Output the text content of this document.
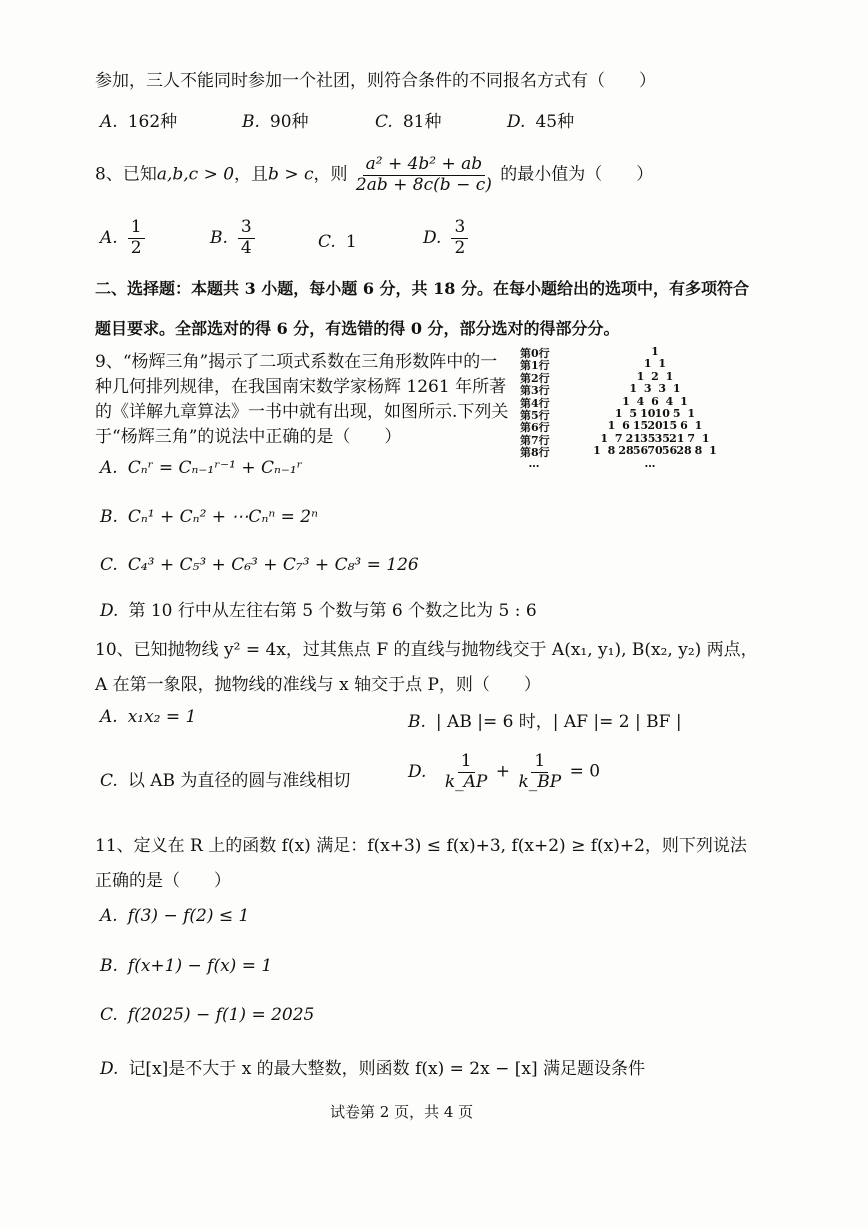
参加，三人不能同时参加一个社团，则符合条件的不同报名方式有（　　）
A. 162种	B. 90种	C. 81种	D. 45种
8、已知a,b,c > 0，且b > c，则 $\frac{\text{a² + 4b² + ab}}{2ab + 8c(b - c)}$ 的最小值为（　　）
A. $\frac{1}{2}$	B. $\frac{3}{4}$	C. 1	D. $\frac{3}{2}$
二、选择题：本题共 3 小题，每小题 6 分，共 18 分。在每小题给出的选项中，有多项符合
题目要求。全部选对的得 6 分，有选错的得 0 分，部分选对的得部分分。
9、“杨辉三角”揭示了二项式系数在三角形数阵中的一
种几何排列规律，在我国南宋数学家杨辉 1261 年所著
的《详解九章算法》一书中就有出现，如图所示.下列关
于“杨辉三角”的说法中正确的是（　　）
第0行	1
第1行	1 1
第2行	1 2 1
第3行	1 3 3 1
第4行	1 4 6 4 1
第5行	1 5 10 10 5 1
第6行	1 6 15 20 15 6 1
第7行	1 7 21 35 35 21 7 1
第8行	1 8 28 56 70 56 28 8 1
…	…
A. Cₙʳ = Cₙ₋₁ʳ⁻¹ + Cₙ₋₁ʳ
B. Cₙ¹ + Cₙ² + ⋯Cₙⁿ = 2ⁿ
C. C₄³ + C₅³ + C₆³ + C₇³ + C₈³ = 126
D. 第 10 行中从左往右第 5 个数与第 6 个数之比为 5 : 6
10、已知抛物线 y² = 4x，过其焦点 F 的直线与抛物线交于 A(x₁, y₁), B(x₂, y₂) 两点，
A 在第一象限，抛物线的准线与 x 轴交于点 P，则（　　）
A. x₁x₂ = 1	B. | AB |= 6 时，| AF |= 2 | BF |
C. 以 AB 为直径的圆与准线相切	D. $\frac{1}{k\_AP} + \frac{1}{k\_BP} = 0$
11、定义在 R 上的函数 f(x) 满足：f(x+3) ≤ f(x)+3, f(x+2) ≥ f(x)+2，则下列说法
正确的是（　　）
A. f(3) − f(2) ≤ 1
B. f(x+1) − f(x) = 1
C. f(2025) − f(1) = 2025
D. 记[x]是不大于 x 的最大整数，则函数 f(x) = 2x − [x] 满足题设条件
试卷第 2 页，共 4 页
